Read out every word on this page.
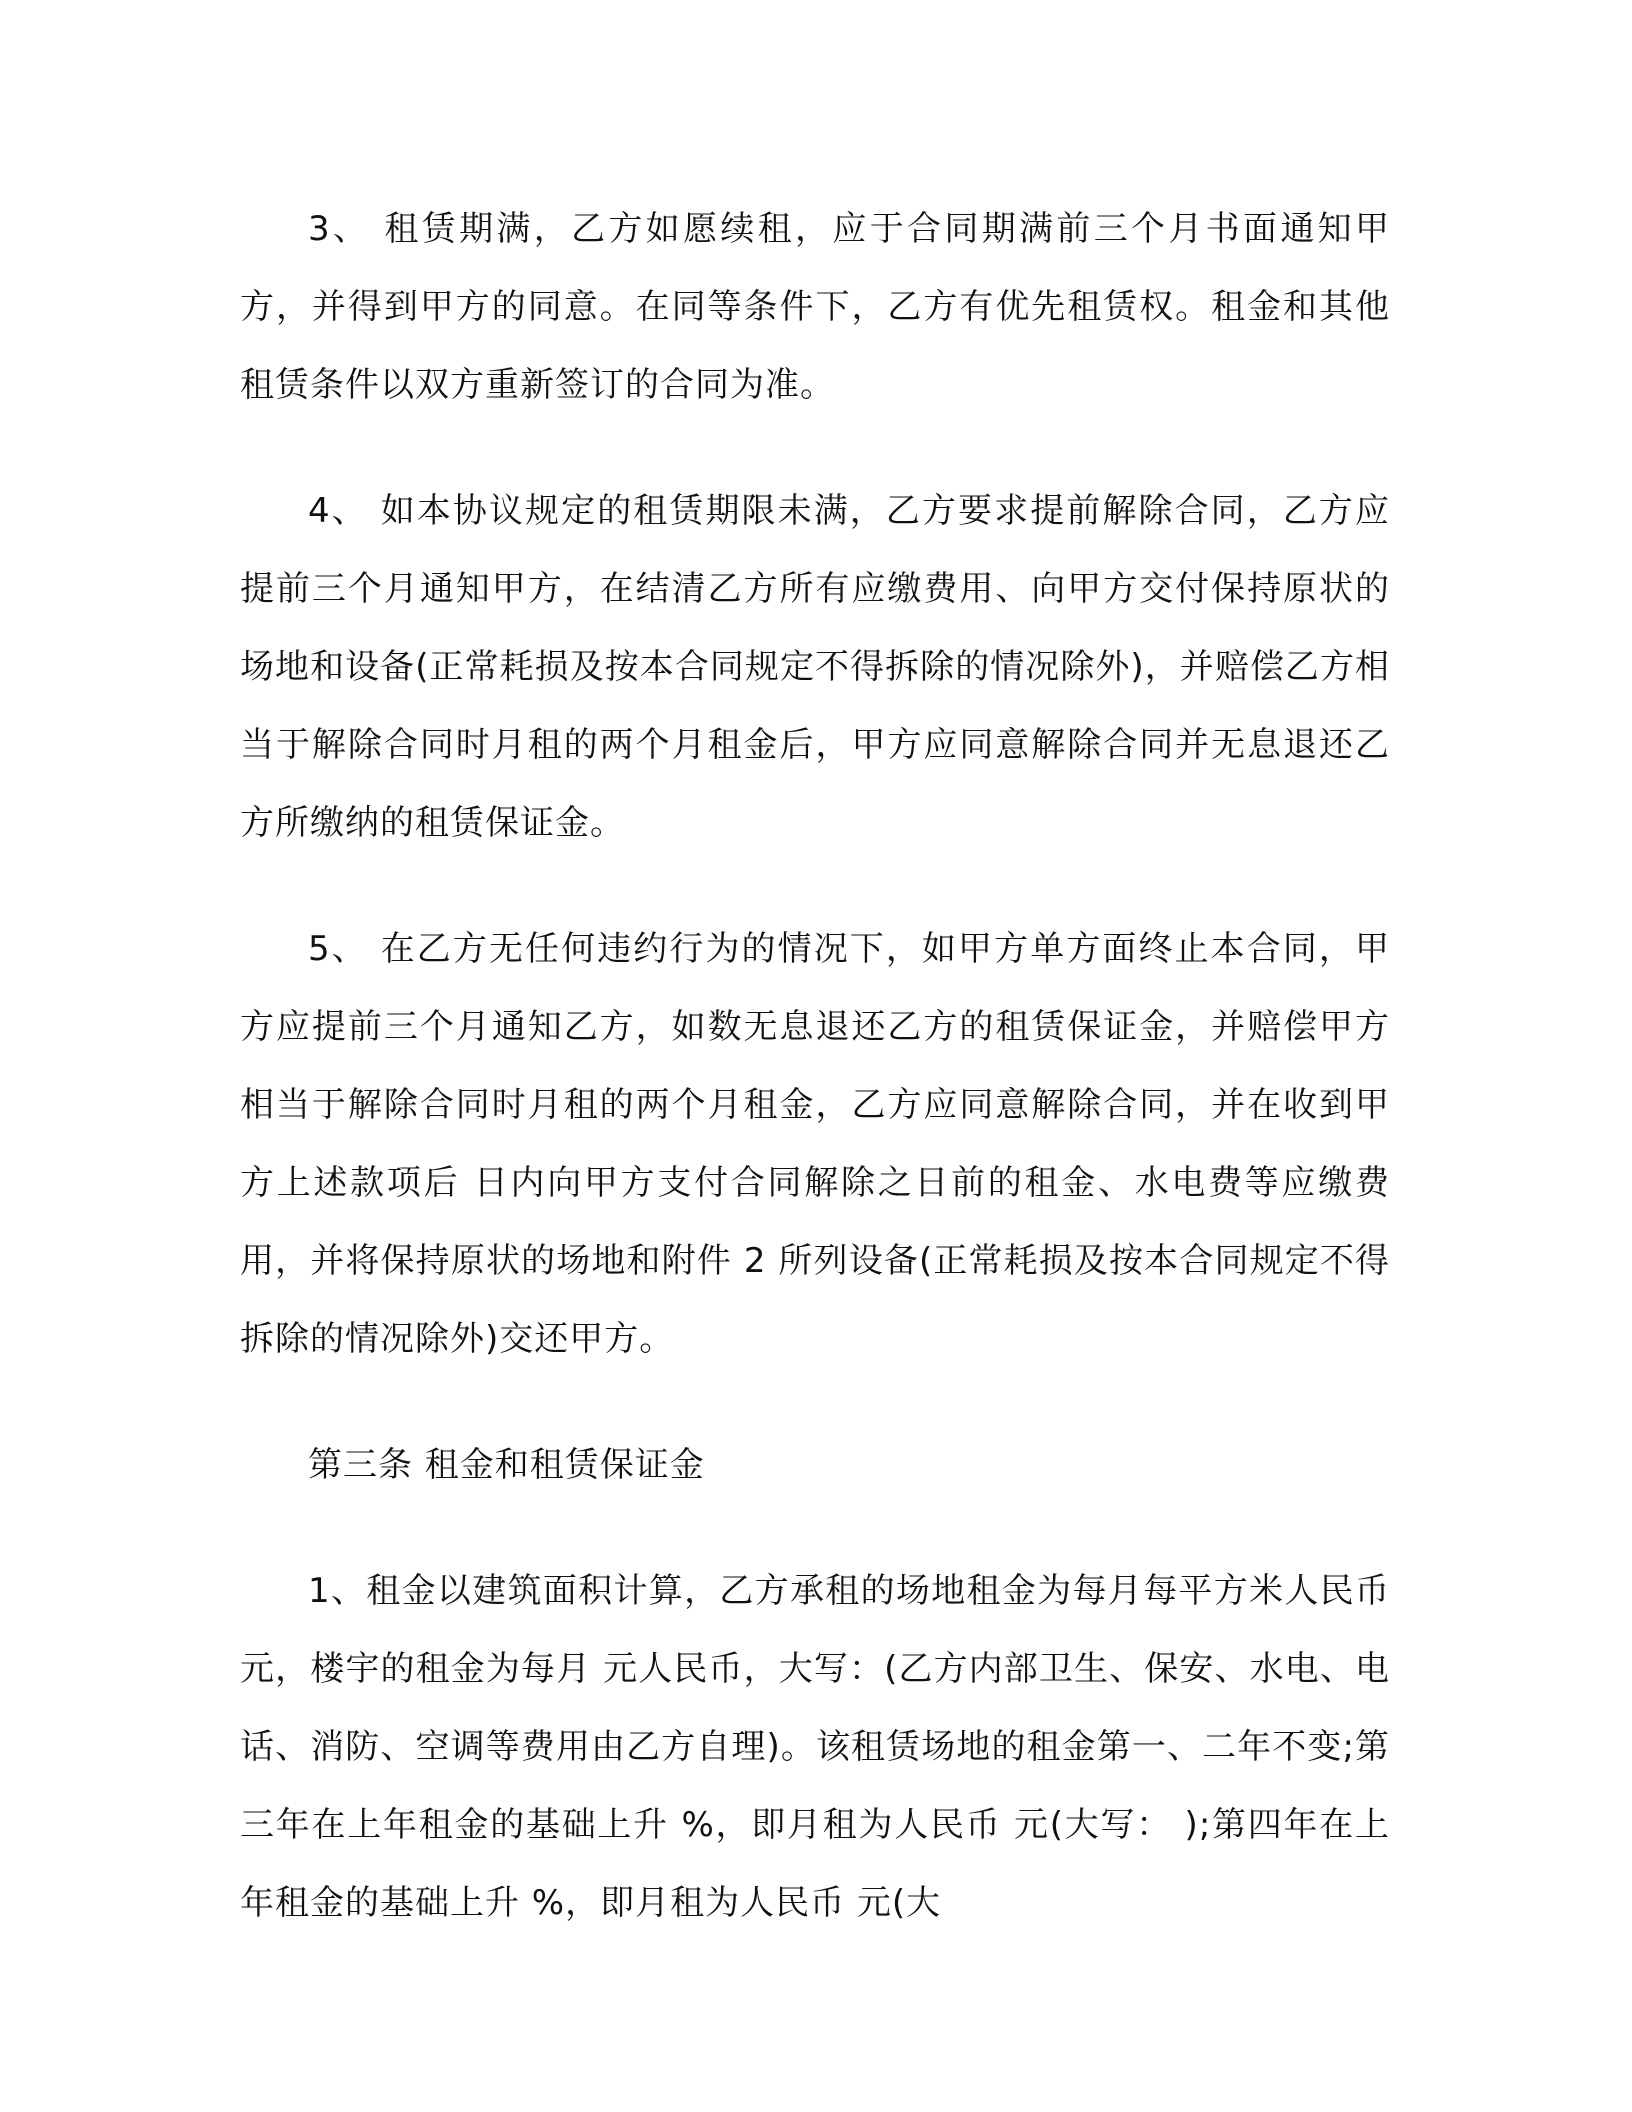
3、 租赁期满，乙方如愿续租，应于合同期满前三个月书面通知甲方，并得到甲方的同意。在同等条件下，乙方有优先租赁权。租金和其他租赁条件以双方重新签订的合同为准。

4、 如本协议规定的租赁期限未满，乙方要求提前解除合同，乙方应提前三个月通知甲方，在结清乙方所有应缴费用、向甲方交付保持原状的场地和设备(正常耗损及按本合同规定不得拆除的情况除外)，并赔偿乙方相当于解除合同时月租的两个月租金后，甲方应同意解除合同并无息退还乙方所缴纳的租赁保证金。

5、 在乙方无任何违约行为的情况下，如甲方单方面终止本合同，甲方应提前三个月通知乙方，如数无息退还乙方的租赁保证金，并赔偿甲方相当于解除合同时月租的两个月租金，乙方应同意解除合同，并在收到甲方上述款项后 日内向甲方支付合同解除之日前的租金、水电费等应缴费用，并将保持原状的场地和附件 2 所列设备(正常耗损及按本合同规定不得拆除的情况除外)交还甲方。

第三条 租金和租赁保证金

1、租金以建筑面积计算，乙方承租的场地租金为每月每平方米人民币 元，楼宇的租金为每月 元人民币，大写：(乙方内部卫生、保安、水电、电话、消防、空调等费用由乙方自理)。该租赁场地的租金第一、二年不变;第三年在上年租金的基础上升 %，即月租为人民币 元(大写： );第四年在上年租金的基础上升 %，即月租为人民币 元(大
